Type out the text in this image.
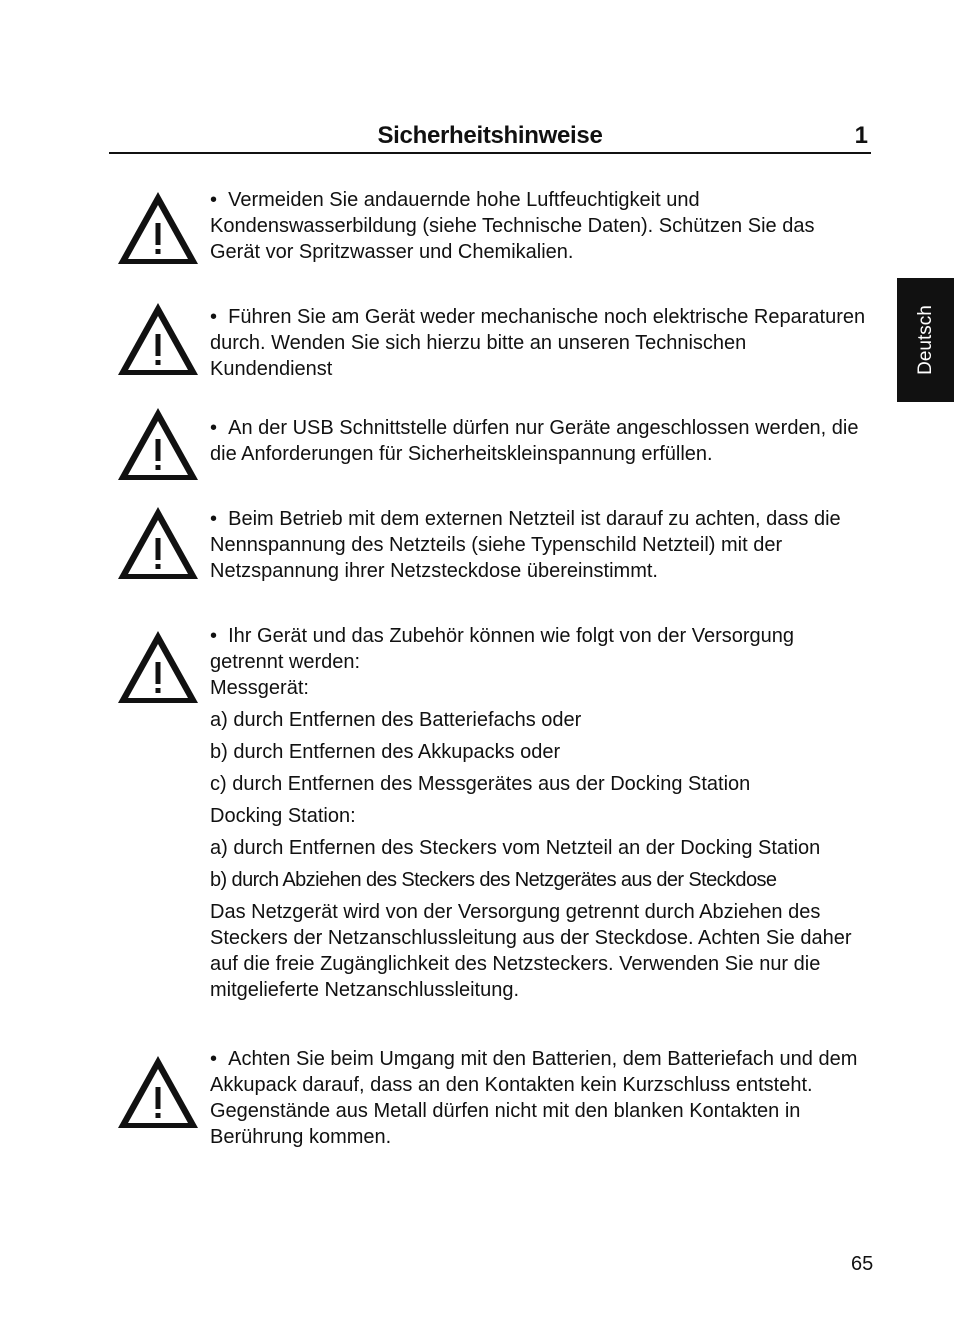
Sicherheitshinweise	1
Deutsch

•  Vermeiden Sie andauernde hohe Luftfeuchtigkeit und Kondenswasserbildung (siehe Technische Daten). Schützen Sie das Gerät vor Spritzwasser und Chemikalien.

•  Führen Sie am Gerät weder mechanische noch elektrische Reparaturen durch. Wenden Sie sich hierzu bitte an unseren Technischen Kundendienst

•  An der USB Schnittstelle dürfen nur Geräte angeschlossen werden, die die Anforderungen für Sicherheitskleinspannung erfüllen.

•  Beim Betrieb mit dem externen Netzteil ist darauf zu achten, dass die Nennspannung des Netzteils (siehe Typenschild Netzteil) mit der Netzspannung ihrer Netzsteckdose übereinstimmt.

•  Ihr Gerät und das Zubehör können wie folgt von der Versorgung getrennt werden:

Messgerät:

a) durch Entfernen des Batteriefachs oder

b) durch Entfernen des Akkupacks oder

c) durch Entfernen des Messgerätes aus der Docking Station

Docking Station:

a) durch Entfernen des Steckers vom Netzteil an der Docking Station

b) durch Abziehen des Steckers des Netzgerätes aus der Steckdose

Das Netzgerät wird von der Versorgung getrennt durch Abziehen des Steckers der Netzanschlussleitung aus der Steckdose. Achten Sie daher auf die freie Zugänglichkeit des Netzsteckers. Verwenden Sie nur die mitgelieferte Netzanschlussleitung.

•  Achten Sie beim Umgang mit den Batterien, dem Batteriefach und dem Akkupack darauf, dass an den Kontakten kein Kurzschluss entsteht. Gegenstände aus Metall dürfen nicht mit den blanken Kontakten in Berührung kommen.

65
